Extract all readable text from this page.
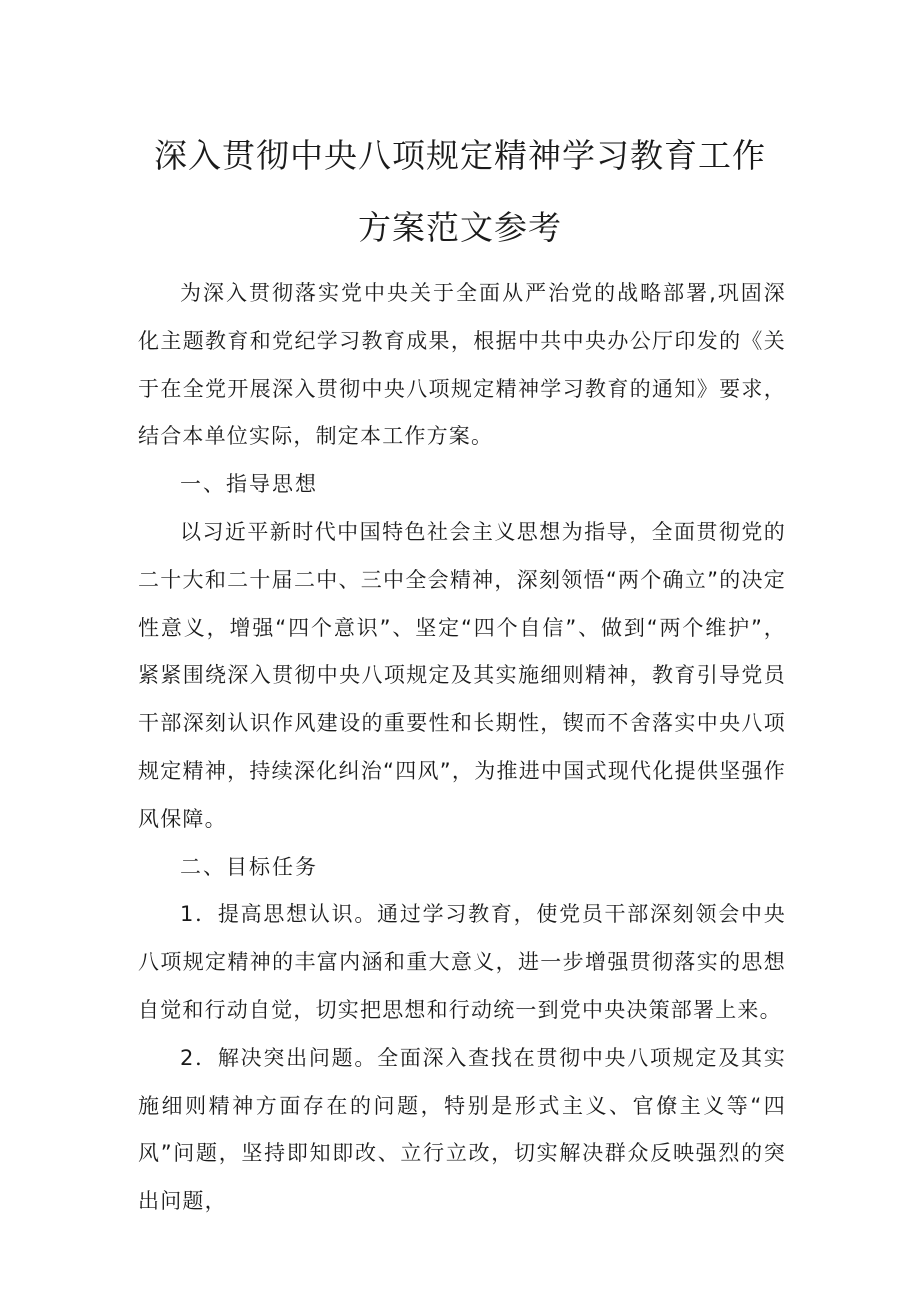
深入贯彻中央八项规定精神学习教育工作
方案范文参考

为深入贯彻落实党中央关于全面从严治党的战略部署,巩固深化主题教育和党纪学习教育成果，根据中共中央办公厅印发的《关于在全党开展深入贯彻中央八项规定精神学习教育的通知》要求，结合本单位实际，制定本工作方案。

一、指导思想

以习近平新时代中国特色社会主义思想为指导，全面贯彻党的二十大和二十届二中、三中全会精神，深刻领悟“两个确立”的决定性意义，增强“四个意识”、坚定“四个自信”、做到“两个维护”，紧紧围绕深入贯彻中央八项规定及其实施细则精神，教育引导党员干部深刻认识作风建设的重要性和长期性，锲而不舍落实中央八项规定精神，持续深化纠治“四风”，为推进中国式现代化提供坚强作风保障。

二、目标任务

1．提高思想认识。通过学习教育，使党员干部深刻领会中央八项规定精神的丰富内涵和重大意义，进一步增强贯彻落实的思想自觉和行动自觉，切实把思想和行动统一到党中央决策部署上来。

2．解决突出问题。全面深入查找在贯彻中央八项规定及其实施细则精神方面存在的问题，特别是形式主义、官僚主义等“四风”问题，坚持即知即改、立行立改，切实解决群众反映强烈的突出问题，
